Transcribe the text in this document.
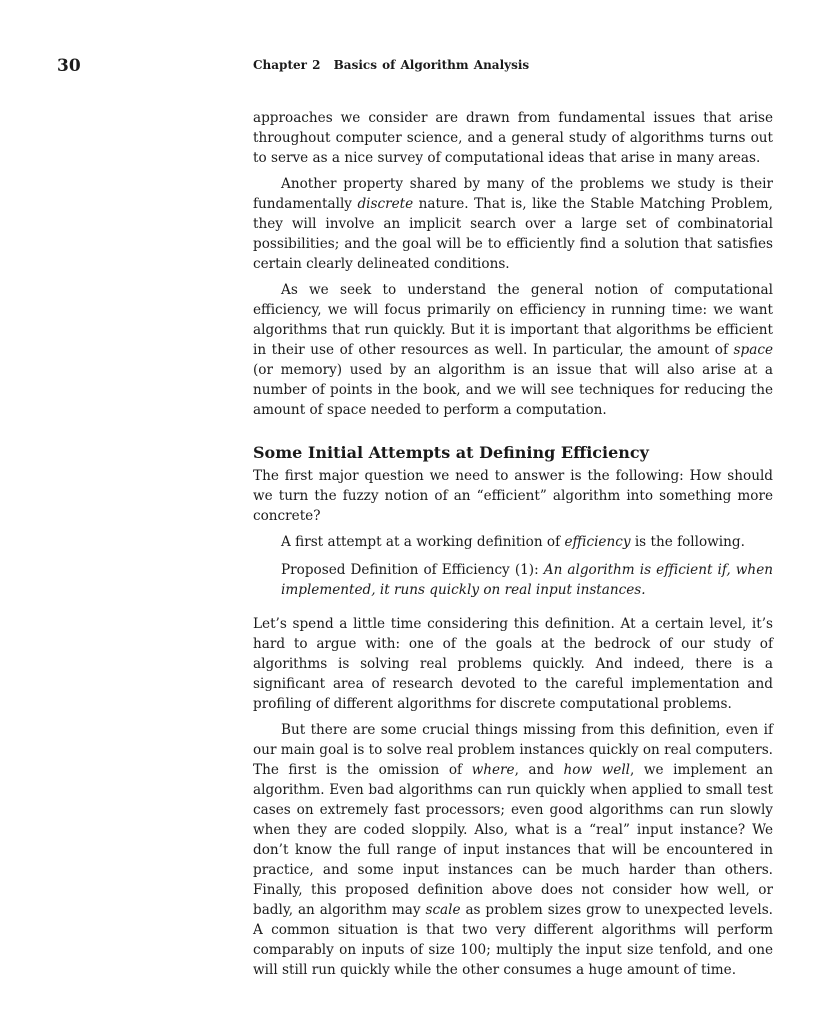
30	Chapter 2 Basics of Algorithm Analysis

approaches we consider are drawn from fundamental issues that arise throughout computer science, and a general study of algorithms turns out to serve as a nice survey of computational ideas that arise in many areas.

Another property shared by many of the problems we study is their fundamentally discrete nature. That is, like the Stable Matching Problem, they will involve an implicit search over a large set of combinatorial possibilities; and the goal will be to efficiently find a solution that satisfies certain clearly delineated conditions.

As we seek to understand the general notion of computational efficiency, we will focus primarily on efficiency in running time: we want algorithms that run quickly. But it is important that algorithms be efficient in their use of other resources as well. In particular, the amount of space (or memory) used by an algorithm is an issue that will also arise at a number of points in the book, and we will see techniques for reducing the amount of space needed to perform a computation.

Some Initial Attempts at Defining Efficiency

The first major question we need to answer is the following: How should we turn the fuzzy notion of an “efficient” algorithm into something more concrete?

A first attempt at a working definition of efficiency is the following.

Proposed Definition of Efficiency (1): An algorithm is efficient if, when implemented, it runs quickly on real input instances.

Let’s spend a little time considering this definition. At a certain level, it’s hard to argue with: one of the goals at the bedrock of our study of algorithms is solving real problems quickly. And indeed, there is a significant area of research devoted to the careful implementation and profiling of different algorithms for discrete computational problems.

But there are some crucial things missing from this definition, even if our main goal is to solve real problem instances quickly on real computers. The first is the omission of where, and how well, we implement an algorithm. Even bad algorithms can run quickly when applied to small test cases on extremely fast processors; even good algorithms can run slowly when they are coded sloppily. Also, what is a “real” input instance? We don’t know the full range of input instances that will be encountered in practice, and some input instances can be much harder than others. Finally, this proposed definition above does not consider how well, or badly, an algorithm may scale as problem sizes grow to unexpected levels. A common situation is that two very different algorithms will perform comparably on inputs of size 100; multiply the input size tenfold, and one will still run quickly while the other consumes a huge amount of time.
